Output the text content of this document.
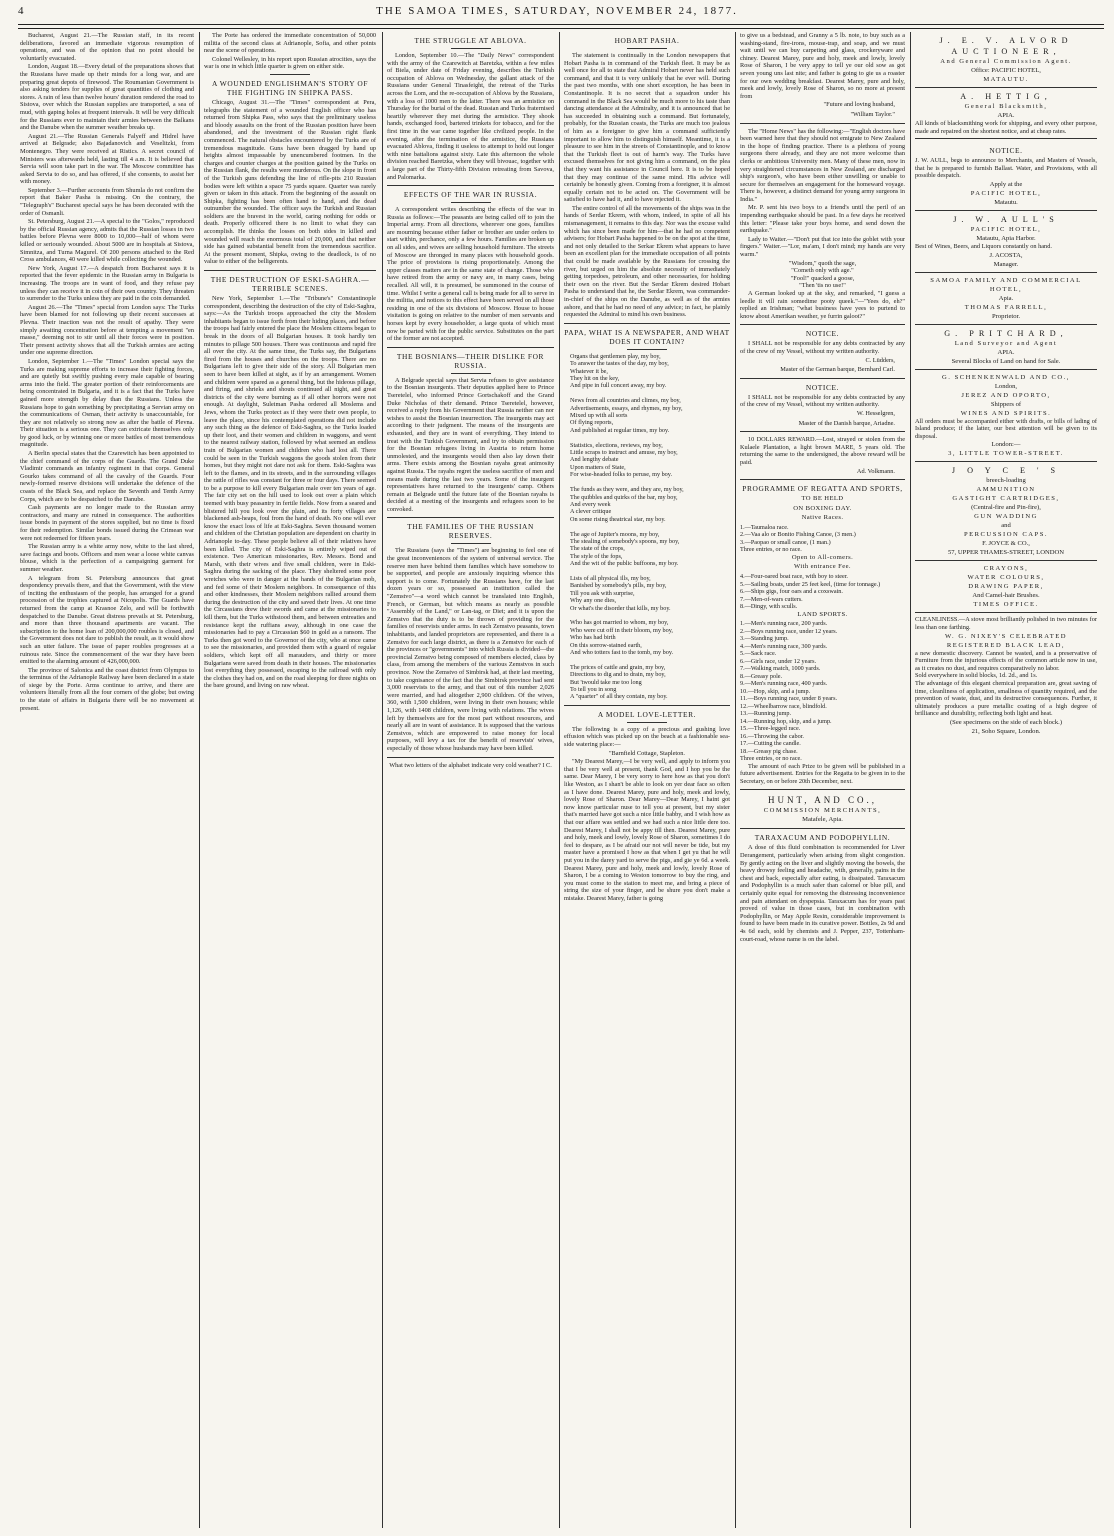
4	THE SAMOA TIMES, SATURDAY, NOVEMBER 24, 1877.

Bucharest, August 21.—The Russian staff, in its recent deliberations, favored an immediate vigorous resumption of operations, and was of the opinion that no point should be voluntarily evacuated.

London, August 18.—Every detail of the preparations shows that the Russians have made up their minds for a long war, and are preparing great depots of firewood. The Roumanian Government is also asking tenders for supplies of great quantities of clothing and stores. A rain of less than twelve hours' duration rendered the road to Sistova, over which the Russian supplies are transported, a sea of mud, with gaping holes at frequent intervals. It will be very difficult for the Russians ever to maintain their armies between the Balkans and the Danube when the summer weather breaks up.

August 21.—The Russian Generals Falyeff and Hidrel have arrived at Belgrade; also Bajadanovich and Veselitzki, from Montenegro. They were received at Ristics. A secret council of Ministers was afterwards held, lasting till 4 a.m. It is believed that Servia will soon take part in the war. The Moscow committee has asked Servia to do so, and has offered, if she consents, to assist her with money.

September 3.—Further accounts from Shumla do not confirm the report that Baker Pasha is missing. On the contrary, the "Telegraph's" Bucharest special says he has been decorated with the order of Osmanli.

St. Petersburg, August 21.—A special to the "Golos," reproduced by the official Russian agency, admits that the Russian losses in two battles before Plevna were 8000 to 10,000—half of whom were killed or seriously wounded. About 5000 are in hospitals at Sistova, Simnitza, and Turna Magurel. Of 200 persons attached to the Red Cross ambulances, 40 were killed while collecting the wounded.

New York, August 17.—A despatch from Bucharest says it is reported that the fever epidemic in the Russian army in Bulgaria is increasing. The troops are in want of food, and they refuse pay unless they can receive it in coin of their own country. They threaten to surrender to the Turks unless they are paid in the coin demanded.

August 26.—The "Times" special from London says: The Turks have been blamed for not following up their recent successes at Plevna. Their inaction was not the result of apathy. They were simply awaiting concentration before at tempting a movement "en masse," deeming not to stir until all their forces were in position. Their present activity shows that all the Turkish armies are acting under one supreme direction.

London, September 1.—The "Times" London special says the Turks are making supreme efforts to increase their fighting forces, and are quietly but swiftly pushing every male capable of bearing arms into the field. The greater portion of their reinforcements are being concentrated in Bulgaria, and it is a fact that the Turks have gained more strength by delay than the Russians. Unless the Russians hope to gain something by precipitating a Servian army on the communications of Osman, their activity is unaccountable, for they are not relatively so strong now as after the battle of Plevna. Their situation is a serious one. They can extricate themselves only by good luck, or by winning one or more battles of most tremendous magnitude.

A Berlin special states that the Czarewitch has been appointed to the chief command of the corps of the Guards. The Grand Duke Vladimir commands an infantry regiment in that corps. General Gourko takes command of all the cavalry of the Guards. Four newly-formed reserve divisions will undertake the defence of the coasts of the Black Sea, and replace the Seventh and Tenth Army Corps, which are to be despatched to the Danube.

Cash payments are no longer made to the Russian army contractors, and many are ruined in consequence. The authorities issue bonds in payment of the stores supplied, but no time is fixed for their redemption. Similar bonds issued during the Crimean war were not redeemed for fifteen years.

The Russian army is a white army now, white to the last shred, save facings and boots. Officers and men wear a loose white canvas blouse, which is the perfection of a campaigning garment for summer weather.

A telegram from St. Petersburg announces that great despondency prevails there, and that the Government, with the view of inciting the enthusiasm of the people, has arranged for a grand procession of the trophies captured at Nicopolis. The Guards have returned from the camp at Krasnoe Zelo, and will be forthwith despatched to the Danube. Great distress prevails at St. Petersburg, and more than three thousand apartments are vacant. The subscription to the home loan of 200,000,000 roubles is closed, and the Government does not dare to publish the result, as it would show such an utter failure. The issue of paper roubles progresses at a ruinous rate. Since the commencement of the war they have been emitted to the alarming amount of 426,000,000.

The province of Salonica and the coast district from Olympus to the terminus of the Adrianople Railway have been declared in a state of siege by the Porte. Arms continue to arrive, and there are volunteers literally from all the four corners of the globe; but owing to the state of affairs in Bulgaria there will be no movement at present.

The Porte has ordered the immediate concentration of 50,000 militia of the second class at Adrianople, Sofia, and other points near the scene of operations.

Colonel Wellesley, in his report upon Russian atrocities, says the war is one in which little quarter is given on either side.

A WOUNDED ENGLISHMAN'S STORY OF THE FIGHTING IN SHIPKA PASS.

Chicago, August 31.—The "Times" correspondent at Pera, telegraphs the statement of a wounded English officer who has returned from Shipka Pass, who says that the preliminary useless and bloody assaults on the front of the Russian position have been abandoned, and the investment of the Russian right flank commenced. The natural obstacles encountered by the Turks are of tremendous magnitude. Guns have been dragged by hand up heights almost impassable by unencumbered footmen. In the charges and counter charges at the position gained by the Turks on the Russian flank, the results were murderous. On the slope in front of the Turkish guns defending the line of rifle-pits 210 Russian bodies were left within a space 75 yards square. Quarter was rarely given or taken in this attack. From the beginning of the assault on Shipka, fighting has been often hand to hand, and the dead outnumber the wounded. The officer says the Turkish and Russian soldiers are the bravest in the world, caring nothing for odds or death. Properly officered there is no limit to what they can accomplish. He thinks the losses on both sides in killed and wounded will reach the enormous total of 20,000, and that neither side has gained substantial benefit from the tremendous sacrifice. At the present moment, Shipka, owing to the deadlock, is of no value to either of the belligerents.

THE DESTRUCTION OF ESKI-SAGHRA.—TERRIBLE SCENES.

New York, September 1.—The "Tribune's" Constantinople correspondent, describing the destruction of the city of Eski-Saghra, says:—As the Turkish troops approached the city the Moslem inhabitants began to issue forth from their hiding places, and before the troops had fairly entered the place the Moslem citizens began to break in the doors of all Bulgarian houses. It took hardly ten minutes to pillage 500 houses. There was continuous and rapid fire all over the city. At the same time, the Turks say, the Bulgarians fired from the houses and churches on the troops. There are no Bulgarians left to give their side of the story. All Bulgarian men seen to have been killed at sight, as if by an arrangement. Women and children were spared as a general thing, but the hideous pillage, and firing, and shrieks and shouts continued all night, and great districts of the city were burning as if all other horrors were not enough. At daylight, Suleiman Pasha ordered all Moslems and Jews, whom the Turks protect as if they were their own people, to leave the place, since his contemplated operations did not include any such thing as the defence of Eski-Saghra, so the Turks loaded up their loot, and their women and children in waggons, and went to the nearest railway station, followed by what seemed an endless train of Bulgarian women and children who had lost all. There could be seen in the Turkish waggons the goods stolen from their homes, but they might not dare not ask for them. Eski-Saghra was left to the flames, and in its streets, and in the surrounding villages the rattle of rifles was constant for three or four days. There seemed to be a purpose to kill every Bulgarian male over ten years of age. The fair city set on the hill used to look out over a plain which teemed with busy peasantry in fertile fields. Now from a seared and blistered hill you look over the plain, and its forty villages are blackened ash-heaps, foul from the hand of death. No one will ever know the exact loss of life at Eski-Saghra. Seven thousand women and children of the Christian population are dependent on charity in Adrianople to-day. These people believe all of their relatives have been killed. The city of Eski-Saghra is entirely wiped out of existence. Two American missionaries, Rev. Messrs. Bond and Marsh, with their wives and five small children, were in Eski-Saghra during the sacking of the place. They sheltered some poor wretches who were in danger at the hands of the Bulgarian mob, and fed some of their Moslem neighbors. In consequence of this and other kindnesses, their Moslem neighbors rallied around them during the destruction of the city and saved their lives. At one time the Circassians drew their swords and came at the missionaries to kill them, but the Turks withstood them, and between entreaties and resistance kept the ruffians away, although in one case the missionaries had to pay a Circassian $60 in gold as a ransom. The Turks then got word to the Governor of the city, who at once came to see the missionaries, and provided them with a guard of regular soldiers, which kept off all marauders, and thirty or more Bulgarians were saved from death in their houses. The missionaries lost everything they possessed, escaping to the railroad with only the clothes they had on, and on the road sleeping for three nights on the bare ground, and living on raw wheat.

THE STRUGGLE AT ABLOVA.

London, September 10.—The "Daily News" correspondent with the army of the Czarewitch at Baretzka, within a few miles of Biela, under date of Friday evening, describes the Turkish occupation of Ablova on Wednesday, the gallant attack of the Russians under General Tinasfeight, the retreat of the Turks across the Lom, and the re-occupation of Ablova by the Russians, with a loss of 1000 men to the latter. There was an armistice on Thursday for the burial of the dead. Russian and Turks fraternised heartily wherever they met during the armistice. They shook hands, exchanged food, bartered trinkets for tobacco, and for the first time in the war came together like civilized people. In the evening, after the termination of the armistice, the Russians evacuated Ablova, finding it useless to attempt to hold out longer with nine battalions against sixty. Late this afternoon the whole division reached Baretzka, where they will bivouac, together with a large part of the Thirty-fifth Division retreating from Savova, and Palomarka.

EFFECTS OF THE WAR IN RUSSIA.

A correspondent writes describing the effects of the war in Russia as follows:—The peasants are being called off to join the Imperial army. From all directions, wherever one goes, families are mourning because either father or brother are under orders to start within, perchance, only a few hours. Families are broken up on all sides, and wives are selling household furniture. The streets of Moscow are thronged in many places with household goods. The price of provisions is rising proportionately. Among the upper classes matters are in the same state of change. Those who have retired from the army or navy are, in many cases, being recalled. All will, it is presumed, be summoned in the course of time. Whilst I write a general call is being made for all to serve in the militia, and notices to this effect have been served on all those residing in one of the six divisions of Moscow. House to house visitation is going on relative to the number of men servants and horses kept by every householder, a large quota of which must now be parted with for the public service. Substitutes on the part of the former are not accepted.

THE BOSNIANS—THEIR DISLIKE FOR RUSSIA.

A Belgrade special says that Servia refuses to give assistance to the Bosnian insurgents. Their deputies applied here to Prince Tseretelel, who informed Prince Gortschakoff and the Grand Duke Nicholas of their demand. Prince Tseretelel, however, received a reply from his Government that Russia neither can nor wishes to assist the Bosnian insurrection. The insurgents may act according to their judgment. The means of the insurgents are exhausted, and they are in want of everything. They intend to treat with the Turkish Government, and try to obtain permission for the Bosnian refugees living in Austria to return home unmolested, and the insurgents would then also lay down their arms. There exists among the Bosnian rayahs great animosity against Russia. The rayahs regret the useless sacrifice of men and means made during the last two years. Some of the insurgent representatives have returned to the insurgents' camp. Others remain at Belgrade until the future fate of the Bosnian rayahs is decided at a meeting of the insurgents and refugees soon to be convoked.

THE FAMILIES OF THE RUSSIAN RESERVES.

The Russians (says the "Times") are beginning to feel one of the great inconveniences of the system of universal service. The reserve men have behind them families which have somehow to be supported, and people are anxiously inquiring whence this support is to come. Fortunately the Russians have, for the last dozen years or so, possessed an institution called the "Zemstvo"—a word which cannot be translated into English, French, or German, but which means as nearly as possible "Assembly of the Land," or Lan-tag, or Diet; and it is upon the Zemstvo that the duty is to be thrown of providing for the families of reservists under arms. In each Zemstvo peasants, town inhabitants, and landed proprietors are represented, and there is a Zemstvo for each large district, as there is a Zemstvo for each of the provinces or "governments" into which Russia is divided—the provincial Zemstvo being composed of members elected, class by class, from among the members of the various Zemstvos in such province. Now the Zemstvo of Simbirsk had, at their last meeting, to take cognisance of the fact that the Simbirsk province had sent 3,000 reservists to the army, and that out of this number 2,026 were married, and had altogether 2,900 children. Of the wives, 360, with 1,500 children, were living in their own houses; while 1,126, with 1408 children, were living with relations. The wives left by themselves are for the most part without resources, and nearly all are in want of assistance. It is supposed that the various Zemstvos, which are empowered to raise money for local purposes, will levy a tax for the benefit of reservists' wives, especially of those whose husbands may have been killed.

What two letters of the alphabet indicate very cold weather? I C.

HOBART PASHA.

The statement is continually in the London newspapers that Hobart Pasha is in command of the Turkish fleet. It may be as well once for all to state that Admiral Hobart never has held such command, and that it is very unlikely that he ever will. During the past two months, with one short exception, he has been in Constantinople. It is no secret that a squadron under his command in the Black Sea would be much more to his taste than dancing attendance at the Admiralty, and it is announced that he has succeeded in obtaining such a command. But fortunately, probably, for the Russian coasts, the Turks are much too jealous of him as a foreigner to give him a command sufficiently important to allow him to distinguish himself. Meantime, it is a pleasure to see him in the streets of Constantinople, and to know that the Turkish fleet is out of harm's way. The Turks have excused themselves for not giving him a command, on the plea that they want his assistance in Council here. It is to be hoped that they may continue of the same mind. His advice will certainly be honestly given. Coming from a foreigner, it is almost equally certain not to be acted on. The Government will be satisfied to have had it, and to have rejected it.

The entire control of all the movements of the ships was in the hands of Serdar Ekrem, with whom, indeed, in spite of all his mismanagement, it remains to this day. Nor was the excuse valid which has since been made for him—that he had no competent advisers; for Hobart Pasha happened to be on the spot at the time, and not only detailed to the Serkar Ekrem what appears to have been an excellent plan for the immediate occupation of all points that could be made available by the Russians for crossing the river, but urged on him the absolute necessity of immediately getting torpedoes, petroleum, and other necessaries, for holding their own on the river. But the Serdar Ekrem desired Hobart Pasha to understand that he, the Serdar Ekrem, was commander-in-chief of the ships on the Danube, as well as of the armies ashore, and that he had no need of any advice; in fact, he plainly requested the Admiral to mind his own business.

PAPA, WHAT IS A NEWSPAPER, AND WHAT DOES IT CONTAIN?
Organs that gentlemen play, my boy,
To answer the tastes of the day, my boy,
Whatever it be,
They hit on the key,
And pipe in full concert away, my boy.

News from all countries and climes, my boy,
Advertisements, essays, and rhymes, my boy,
Mixed up with all sorts
Of flying reports,
And published at regular times, my boy.

Statistics, elections, reviews, my boy,
Little scraps to instruct and amuse, my boy,
And lengthy debate
Upon matters of State,
For wise-headed folks to peruse, my boy.

The funds as they were, and they are, my boy,
The quibbles and quirks of the bar, my boy,
And every week
A clever critique
On some rising theatrical star, my boy.

The age of Jupiter's moons, my boy,
The stealing of somebody's spoons, my boy,
The state of the crops,
The style of the fops,
And the wit of the public buffoons, my boy.

Lists of all physical ills, my boy,
Banished by somebody's pills, my boy,
Till you ask with surprise,
Why any one dies,
Or what's the disorder that kills, my boy.

Who has got married to whom, my boy,
Who were cut off in their bloom, my boy,
Who has had birth
On this sorrow-stained earth,
And who totters fast to the tomb, my boy.

The prices of cattle and grain, my boy,
Directions to dig and to drain, my boy,
But 'twould take me too long
To tell you in song
A "quarter" of all they contain, my boy.
A MODEL LOVE-LETTER.

The following is a copy of a precious and gushing love effusion which was picked up on the beach at a fashionable sea-side watering place:—

"Barnfield Cottage, Stapleton.

"My Dearest Marey,—I be very well, and apply to inform you that I be very well at present, thank God, and I hop you be the same. Dear Marey, I be very sorry to here how as that you don't like Weston, as I shan't be able to look on yer dear face so often as I have done. Dearest Marey, pure and holy, meek and lowly, lovely Rose of Sharon. Dear Marey—Dear Marey, I haint got now know particular nuse to tell you at present, but my sister that's married have got such a nice little babby, and I wish how as that our affare was settled and we had such a nice little dere too. Dearest Marey, I shall not be appy till then. Dearest Marey, pure and holy, meek and lowly, lovely Rose of Sharon, sometimes I do feel to despare, as I be afraid our not will never be tide, but my master have a promised I how as that when I get yu that he will put you in the darey yard to serve the pigs, and gie ye 6d. a week. Dearest Marey, pure and holy, meek and lowly, lovely Rose of Sharon, I be a coming to Weston tomorrow to buy the ring, and you must come to the station to meet me, and bring a piece of string the size of your finger, and be shure you don't make a mistake. Dearest Marey, father is going

to give us a bedstead, and Granny a 5 lb. note, to buy such as a washing-stand, fire-irons, mouse-trap, and soap, and we must wait until we can buy carpeting and glass, crockeryware and chiney. Dearest Marey, pure and holy, meek and lowly, lovely Rose of Sharon, I be very appy to tell ye our old sow as got seven young uns last nite; and father is going to gie us a roaster for our own wedding breakfast. Dearest Marey, pure and holy, meek and lowly, lovely Rose of Sharon, so no more at present from

"Future and loving husband,
"William Taylor."

The "Home News" has the following:—"English doctors have been warned here that they should not emigrate to New Zealand in the hope of finding practice. There is a plethora of young surgeons there already, and they are not more welcome than clerks or ambitious University men. Many of these men, now in very straightened circumstances in New Zealand, are discharged ship's surgeon's, who have been either unwilling or unable to secure for themselves an engagement for the homeward voyage. There is, however, a distinct demand for young army surgeons in India."

Mr. P. sent his two boys to a friend's until the peril of an impending earthquake should be past. In a few days he received this letter: "Please take your boys home, and send down the earthquake."

Lady to Waiter.—"Don't put that ice into the goblet with your fingers." Waiter.—"Lor, ma'am, I don't mind; my hands are very warm."

"Wisdom," quoth the sage,
"Cometh only with age."
"Fool!" quacked a goose,
"Then 'tis no use!"

A German looked up at the sky, and remarked, "I guess a leedle it vill rain somedime pooty queek."—"Yees do, eh?" replied an Irishman; "what business have yees to purtend to know about Amerikan weather, ye furrin galoot?"

NOTICE.

I SHALL not be responsible for any debts contracted by any of the crew of my Vessel, without my written authority.

C. Lüdders,
Master of the German barque, Bernhard Carl.
NOTICE.

I SHALL not be responsible for any debts contracted by any of the crew of my Vessel, without my written authority.

W. Hesselgren,
Master of the Danish barque, Ariadne.

10 DOLLARS REWARD.—Lost, strayed or stolen from the Kulaele Plantation, a light brown MARE, 5 years old. The returning the same to the undersigned, the above reward will be paid.

Ad. Volkmann.
PROGRAMME OF REGATTA AND SPORTS,
TO BE HELD
ON BOXING DAY.
Native Races.
1.—Taumaloa race.
2.—Vaa alo or Bonito Fishing Canoe, (3 men.)
3.—Paopao or small canoe, (1 man.)
Three entries, or no race.
Open to All-comers.
With entrance Fee.
4.—Four-oared boat race, with boy to steer.
5.—Sailing boats, under 25 feet keel, (time for tonnage.)
6.—Ships gigs, four oars and a coxswain.
7.—Men-of-wars cutters.
8.—Dingy, with sculls.
LAND SPORTS.
1.—Men's running race, 200 yards.
2.—Boys running race, under 12 years.
3.—Standing jump.
4.—Men's running race, 300 yards.
5.—Sack race.
6.—Girls race, under 12 years.
7.—Walking match, 1000 yards.
8.—Greasy pole.
9.—Men's running race, 400 yards.
10.—Hop, skip, and a jump.
11.—Boys running race, under 8 years.
12.—Wheelbarrow race, blindfold.
13.—Running jump.
14.—Running hop, skip, and a jump.
15.—Three-legged race.
16.—Throwing the cabor.
17.—Cutting the candle.
18.—Greasy pig chase.
Three entries, or no race.

The amount of each Prize to be given will be published in a future advertisement. Entries for the Regatta to be given in to the Secretary, on or before 20th December, next.

HUNT, AND CO.,
COMMISSION MERCHANTS,
Matafele, Apia.
TARAXACUM AND PODOPHYLLIN.

A dose of this fluid combination is recommended for Liver Derangement, particularly when arising from slight congestion. By gently acting on the liver and slightly moving the bowels, the heavy drowsy feeling and headache, with, generally, pains in the chest and back, especially after eating, is dissipated. Taraxacum and Podophyllin is a much safer than calomel or blue pill, and certainly quite equal for removing the distressing inconvenience and pain attendant on dyspepsia. Taraxacum has for years past proved of value in those cases, but in combination with Podophyllin, or May Apple Resin, considerable improvement is found to have been made in its curative power. Bottles, 2s 9d and 4s 6d each, sold by chemists and J. Pepper, 237, Tottenham-court-road, whose name is on the label.

J. E. V. ALVORD
AUCTIONEER,
And General Commission Agent.
Office: PACIFIC HOTEL,
MATAUTU.
A. HETTIG,
General Blacksmith,
APIA.
All kinds of blacksmithing work for shipping, and every other purpose, made and repaired on the shortest notice, and at cheap rates.
NOTICE.
J. W. AULL, begs to announce to Merchants, and Masters of Vessels, that he is prepared to furnish Ballast. Water, and Provisions, with all possible despatch.
Apply at the
PACIFIC HOTEL,
Matautu.
J. W. AULL'S
PACIFIC HOTEL,
Matautu, Apia Harbor.
Best of Wines, Beers, and Liquors constantly on hand.
J. ACOSTA,
Manager.
SAMOA FAMILY AND COMMERCIAL HOTEL,
Apia.
THOMAS FARRELL,
Proprietor.
G. PRITCHARD,
Land Surveyor and Agent
APIA.
Several Blocks of Land on hand for Sale.
G. SCHENKENWALD AND CO.,
London,
JEREZ AND OPORTO,
Shippers of
WINES AND SPIRITS.
All orders must be accompanied either with drafts, or bills of lading of Island produce; if the latter, our best attention will be given to its disposal.
London:—
3, LITTLE TOWER-STREET.
J O Y C E ' S
breech-loading
AMMUNITION
GASTIGHT CARTRIDGES,
(Central-fire and Pin-fire),
GUN WADDING
and
PERCUSSION CAPS.
F. JOYCE & CO.,
57, UPPER THAMES-STREET, LONDON
CRAYONS,
WATER COLOURS,
DRAWING PAPER,
And Camel-hair Brushes.
TIMES OFFICE.
CLEANLINESS.—A stove most brilliantly polished in two minutes for less than one farthing.
W. G. NIXEY'S CELEBRATED
REGISTERED BLACK LEAD,
a new domestic discovery. Cannot be wasted, and is a preservative of Furniture from the injurious effects of the common article now in use, as it creates no dust, and requires comparatively no labor.
Sold everywhere in solid blocks, 1d. 2d., and 1s.
The advantage of this elegant chemical preparation are, great saving of time, cleanliness of application, smallness of quantity required, and the prevention of waste, dust, and its destructive consequences. Further, it ultimately produces a pure metallic coating of a high degree of brilliance and durability, reflecting both light and heat.
(See specimens on the side of each block.)
21, Soho Square, London.
